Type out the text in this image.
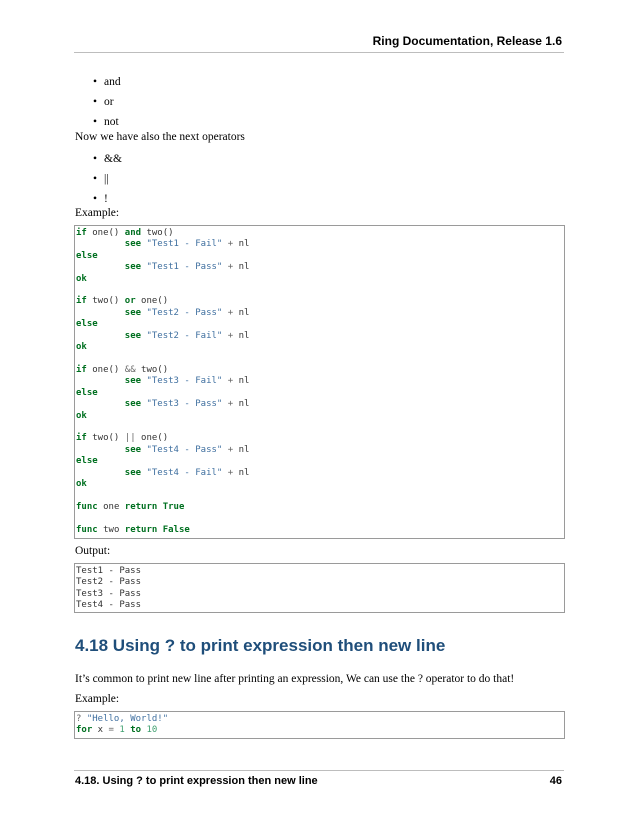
Ring Documentation, Release 1.6
• and
• or
• not
Now we have also the next operators
• &&
• ||
• !
Example:
if one() and two()
see "Test1 - Fail" + nl
else
see "Test1 - Pass" + nl
ok

if two() or one()
see "Test2 - Pass" + nl
else
see "Test2 - Fail" + nl
ok

if one() && two()
see "Test3 - Fail" + nl
else
see "Test3 - Pass" + nl
ok

if two() || one()
see "Test4 - Pass" + nl
else
see "Test4 - Fail" + nl
ok

func one return True

func two return False
Output:
Test1 - Pass
Test2 - Pass
Test3 - Pass
Test4 - Pass
4.18 Using ? to print expression then new line
It’s common to print new line after printing an expression, We can use the ? operator to do that!
Example:
? "Hello, World!"
for x = 1 to 10
4.18. Using ? to print expression then new line	46
